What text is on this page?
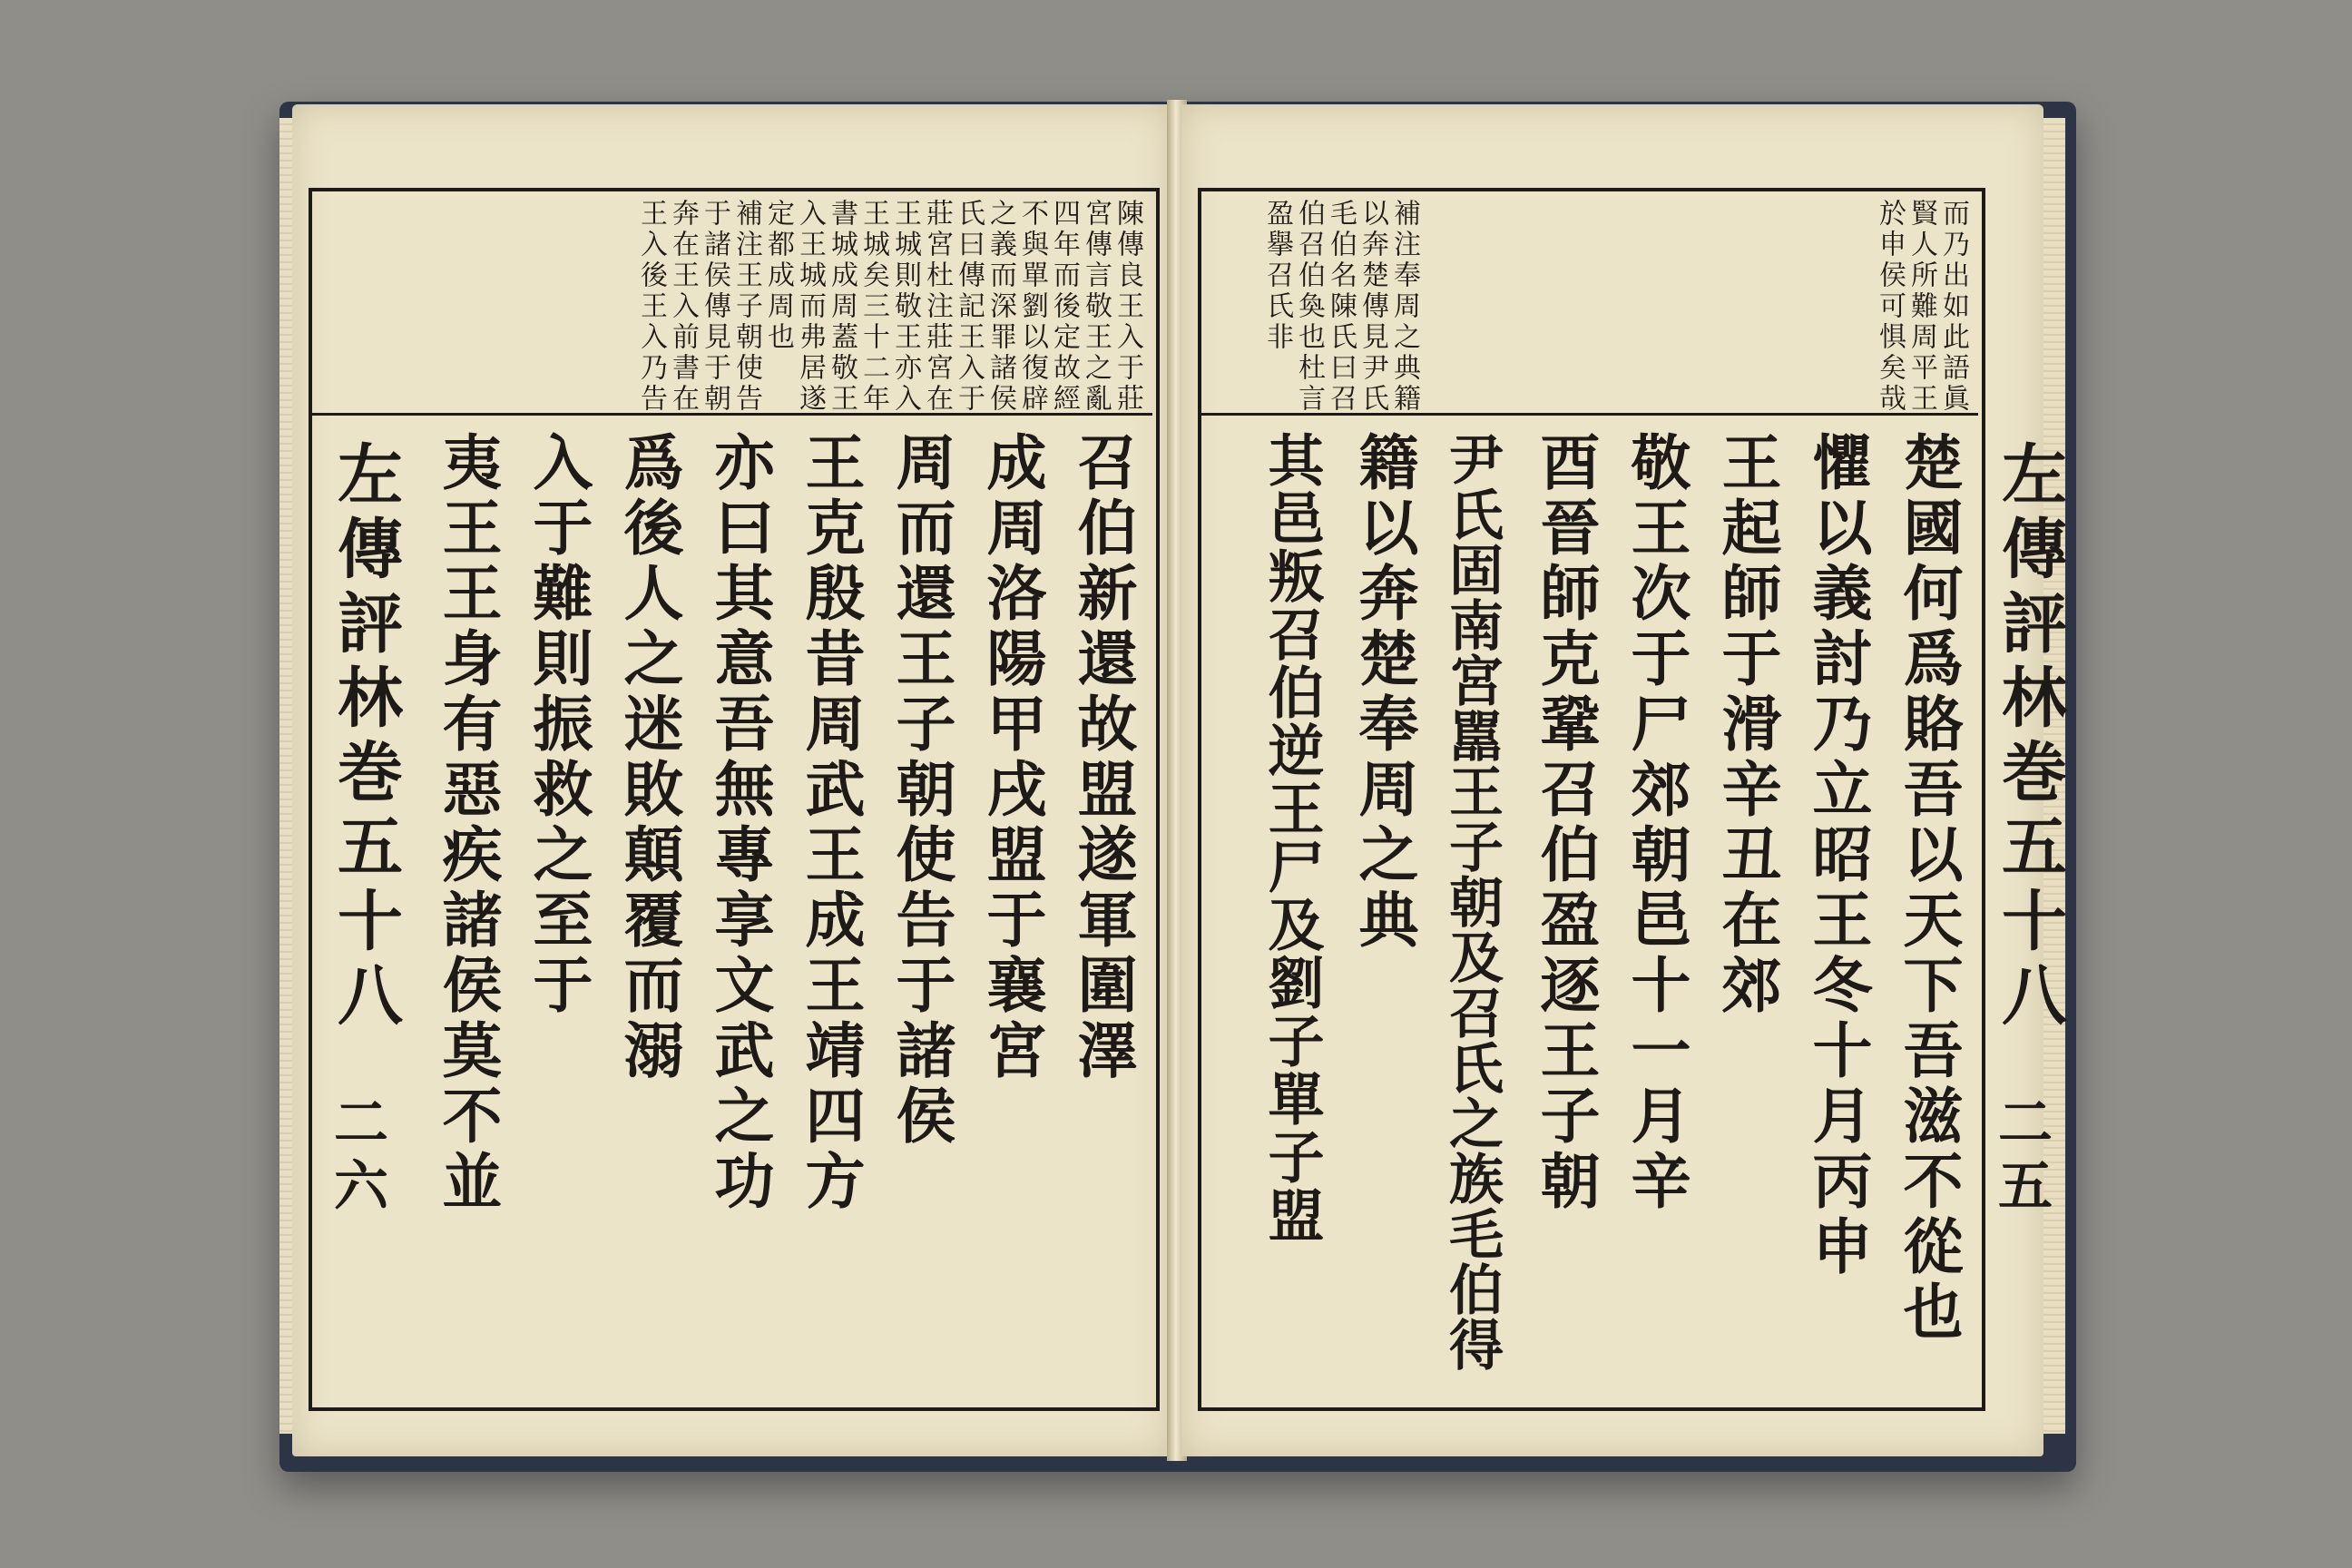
左傳評林巻五十八
二六
陳傳良王入于莊
宮傳言敬王之亂
四年而後定故經
不與單劉以復辟
之義而深罪諸侯
氏曰傳記王入于
莊宮杜注莊宮在
王城則敬王亦入
王城矣三十二年
書城成周蓋敬王
入王城而弗居遂
定都成周也
補注王子朝使告
于諸侯傳見于朝
奔在王入前書在
王入後王入乃告
召伯新還故盟遂軍圍澤
成周洛陽甲戌盟于襄宮
周而還王子朝使告于諸侯
王克殷昔周武王成王靖四方
亦曰其意吾無專享文武之功
爲後人之迷敗顛覆而溺
入于難則振救之至于
夷王王身有惡疾諸侯莫不並	左傳評林巻五十八
二五
而乃出如此語眞
賢人所難周平王
於申侯可惧矣哉
補注奉周之典籍
以奔楚傳見尹氏
毛伯名陳氏曰召
伯召伯奐也杜言
盈擧召氏非
楚國何爲賂吾以天下吾滋不從也
懼以義討乃立昭王冬十月丙申
王起師于滑辛丑在郊
敬王次于尸郊朝邑十一月辛
酉晉師克鞏召伯盈逐王子朝
尹氏固南宮嚚王子朝及召氏之族毛伯得
籍以奔楚奉周之典
其邑叛召伯逆王尸及劉子單子盟
